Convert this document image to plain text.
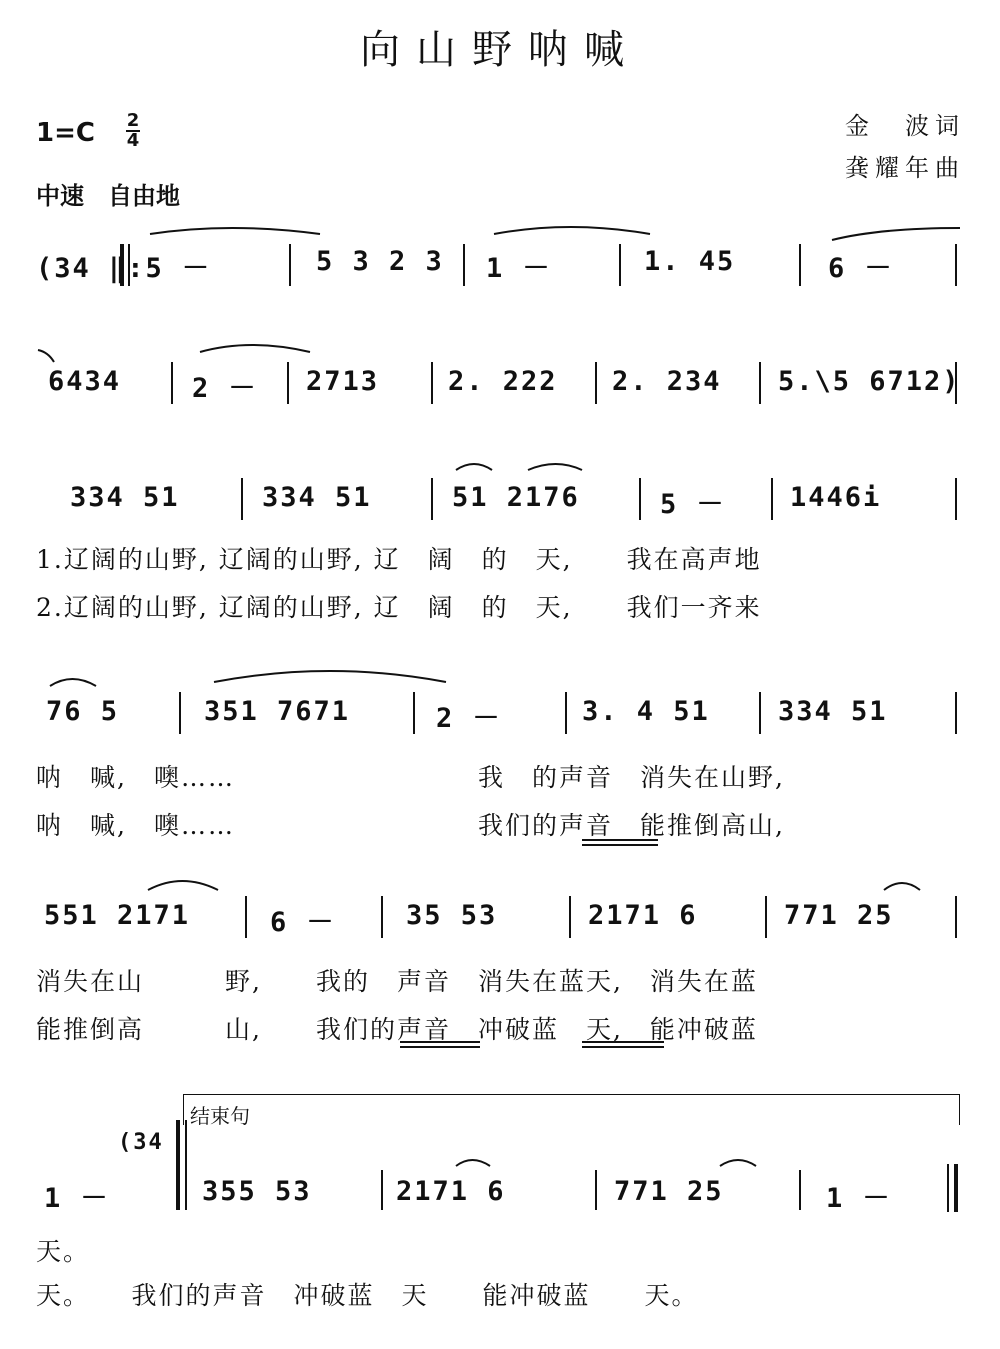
向山野呐喊
金　波词
龚耀年曲
1=C 2
4
中速　自由地
(34 ‖:5 －	5 3 2 3 1 －	1. 45	6 －
6434	2 － 2713	2. 222 2. 234 5.\5 6712)
334 51	334 51	51 2176	5 － 1446i
1.辽阔的山野, 辽阔的山野, 辽　阔　的　天,　　我在高声地
2.辽阔的山野, 辽阔的山野, 辽　阔　的　天,　　我们一齐来
76 5	351 7671	2 －	3. 4 51	334 51
呐　喊,　噢……　　　　　　　　　我　的声音　消失在山野,
呐　喊,　噢……　　　　　　　　　我们的声音　能推倒高山,
551 2171	6 －	35 53	2171 6	771 25
消失在山　　　野,　　我的　声音　消失在蓝天,　消失在蓝
能推倒高　　　山,　　我们的声音　冲破蓝　天,　能冲破蓝
结束句
(34
1 －	355 53	2171 6	771 25	1 －
天。
天。　　我们的声音　冲破蓝　天　　能冲破蓝　　天。
